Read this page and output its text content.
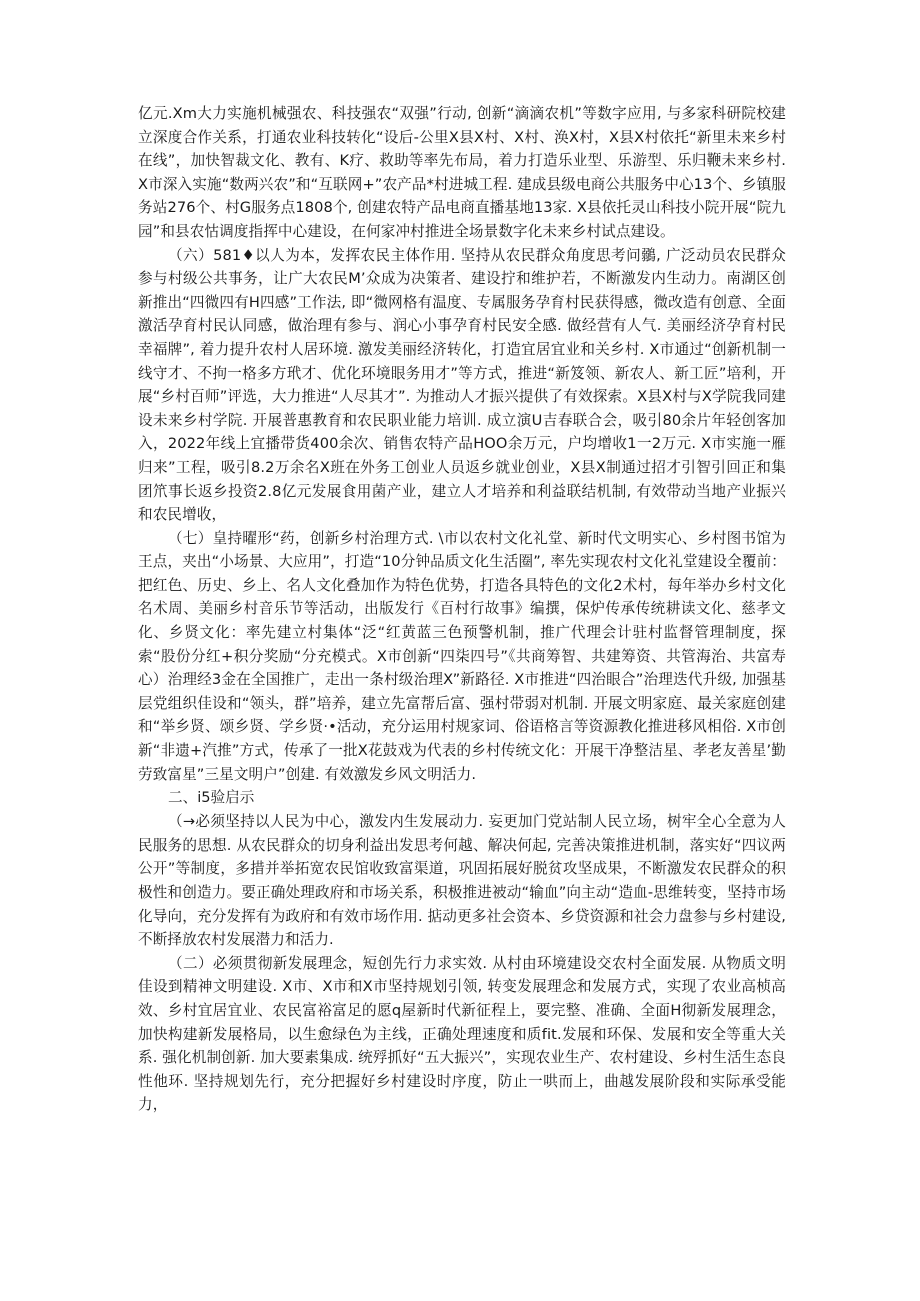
亿元.Xm大力实施机械强农、科技强农“双强”行动, 创新“滴滴农机”等数字应用, 与多家科研院校建立深度合作关系，打通农业科技转化“设后-公里X县X村、X村、涣X村，X县X村依托“新里未来乡村在线”，加快智裁文化、教有、K疗、救助等率先布局，着力打造乐业型、乐游型、乐归鞭未来乡村. X市深入实施“数两兴农”和“互联网+”农产品*村进城工程. 建成县级电商公共服务中心13个、乡镇服务站276个、村G服务点1808个, 创建农特产品电商直播基地13家. X县依托灵山科技小院开展“院九园”和县农怙调度指挥中心建设，在何家冲村推进全场景数字化未来乡村试点建设。

（六）581♦以人为本，发挥农民主体作用. 坚持从农民群众角度思考问鶸, 广泛动员农民群众参与村级公共事务，让广大农民M’众成为决策者、建设拧和维护若，不断激发内生动力。南湖区创新推出“四微四有H四感”工作法, 即“微网格有温度、专属服务孕育村民获得感，微改造有创意、全面激活孕育村民认同感，做治理有参与、润心小事孕育村民安全感. 做经营有人气. 美丽经济孕育村民幸福牌”, 着力提升农村人居环境. 激发美丽经济转化，打造宜居宜业和关乡村. X市通过“创新机制一线守才、不拘一格多方玳才、优化环境眼务用才”等方式，推进“新笈领、新农人、新工匠”培利，开展“乡村百师”评选，大力推进“人尽其才”. 为推动人才振兴提供了有效探索。X县X村与X学院我同建设未来乡村学院. 开展普惠教育和农民职业能力培训. 成立演U吉春联合会，吸引80余片年轻创客加入，2022年线上宜播带货400余次、销售农特产品HOO余万元，户均增收1一2万元. X市实施一雁归来”工程，吸引8.2万余名X班在外务工创业人员返乡就业创业，X县X制通过招才引智引回正和集团笊事长返乡投资2.8亿元发展食用菌产业，建立人才培养和利益联结机制, 有效带动当地产业振兴和农民增收，

（七）皇持曜形“药，创新乡村治理方式. \市以农村文化礼堂、新时代文明实心、乡村图书馆为王点，夹出“小场景、大应用”，打造“10分钟品质文化生活圈”, 率先实现农村文化礼堂建设全覆前：把红色、历史、乡上、名人文化叠加作为特色优势，打造各具特色的文化2术村，每年举办乡村文化名术周、美丽乡村音乐节等活动，出版发行《百村行故事》编撰，保炉传承传统耕读文化、慈孝文化、乡贤文化：率先建立村集体“泛“红黄蓝三色预警机制，推广代理会计驻村监督管理制度，探索“股份分红+积分奖励“分充模式。X市创新“四柒四号”《共商筹智、共建筹资、共管海治、共富寿心）治理经3金在全国推广，走出一条村级治理X”新路径. X市推进“四治眼合”治理迭代升级, 加强基层党组织佳设和“领头，群”培养，建立先富帮后富、强村带弱对机制. 开展文明家庭、最关家庭创建和“举乡贤、颂乡贤、学乡贤·•活动，充分运用村规家词、俗语格言等资源教化推进移风相俗. X市创新“非遗+汽推”方式，传承了一批X花鼓戏为代表的乡村传统文化：开展干净整洁星、孝老友善星’勤劳致富星”三星文明户”创建. 有效激发乡风文明活力.

二、i5验启示

（→必须坚持以人民为中心，激发内生发展动力. 妄更加门党站制人民立场，树牢全心全意为人民服务的思想. 从农民群众的切身利益出发思考何越、解决何起, 完善决策推进机制，落实好“四议两公开”等制度，多措并举拓宽农民馆收致富渠道，巩固拓展好脱贫攻坚成果，不断激发农民群众的积极性和创造力。要正确处理政府和市场关系，积极推进被动“输血”向主动“造血-思维转变，坚持市场化导向，充分发挥有为政府和有效市场作用. 掂动更多社会资本、乡贷资源和社会力盘参与乡村建设, 不断择放农村发展潜力和活力.

（二）必须贯彻新发展理念，短创先行力求实效. 从村由环境建设交农村全面发展. 从物质文明佳设到精神文明建设. X市、X市和X市坚持规划引领, 转变发展理念和发展方式，实现了农业高桢高效、乡村宜居宜业、农民富裕富足的愿q屋新时代新征程上，要完整、准确、全面H彻新发展理念，加快构建新发展格局，以生愈绿色为主线，正确处理速度和质fit.发展和环保、发展和安全等重大关系. 强化机制创新. 加大要素集成. 统殍抓好“五大振兴”，实现农业生产、农村建设、乡村生活生态良性他环. 坚持规划先行，充分把握好乡村建设时序度，防止一哄而上，曲越发展阶段和实际承受能力，
